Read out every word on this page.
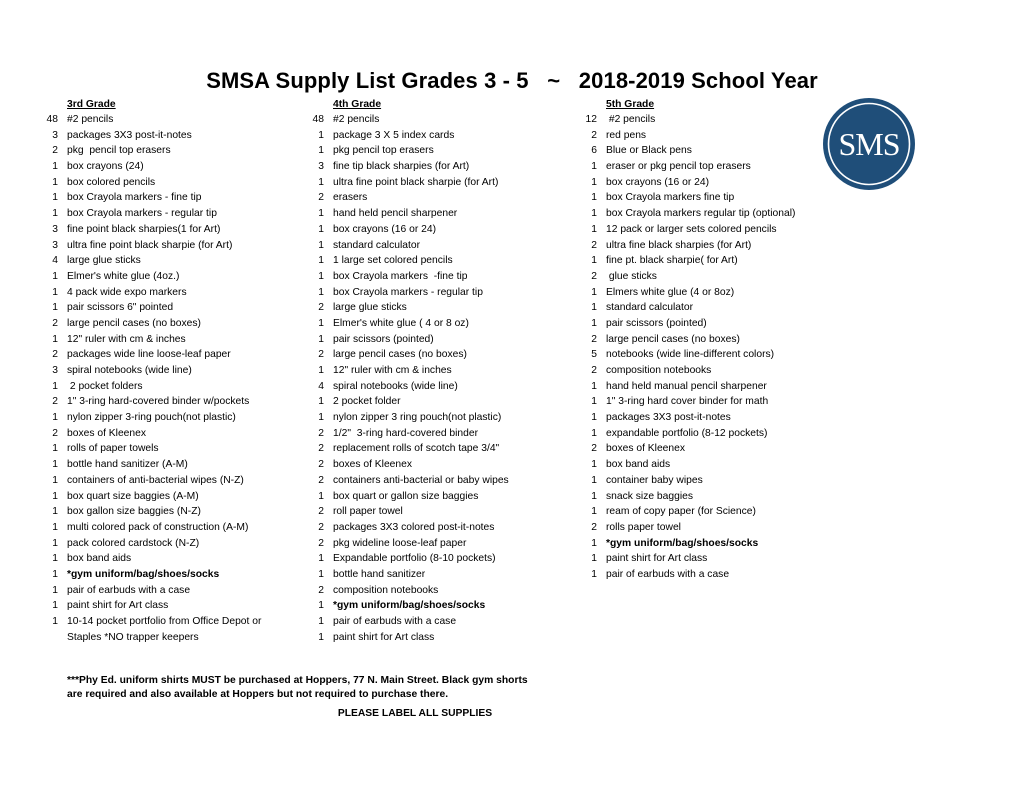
SMSA Supply List Grades 3 - 5   ~   2018-2019 School Year
SMS
3rd Grade
48 #2 pencils
3 packages 3X3 post-it-notes
2 pkg  pencil top erasers
1 box crayons (24)
1 box colored pencils
1 box Crayola markers - fine tip
1 box Crayola markers - regular tip
3 fine point black sharpies(1 for Art)
3 ultra fine point black sharpie (for Art)
4 large glue sticks
1 Elmer's white glue (4oz.)
1 4 pack wide expo markers
1 pair scissors 6" pointed
2 large pencil cases (no boxes)
1 12" ruler with cm & inches
2 packages wide line loose-leaf paper
3 spiral notebooks (wide line)
1 2 pocket folders
2 1" 3-ring hard-covered binder w/pockets
1 nylon zipper 3-ring pouch(not plastic)
2 boxes of Kleenex
1 rolls of paper towels
1 bottle hand sanitizer (A-M)
1 containers of anti-bacterial wipes (N-Z)
1 box quart size baggies (A-M)
1 box gallon size baggies (N-Z)
1 multi colored pack of construction (A-M)
1 pack colored cardstock (N-Z)
1 box band aids
1 *gym uniform/bag/shoes/socks
1 pair of earbuds with a case
1 paint shirt for Art class
1 10-14 pocket portfolio from Office Depot or
Staples *NO trapper keepers
4th Grade
48 #2 pencils
1 package 3 X 5 index cards
1 pkg pencil top erasers
3 fine tip black sharpies (for Art)
1 ultra fine point black sharpie (for Art)
2 erasers
1 hand held pencil sharpener
1 box crayons (16 or 24)
1 standard calculator
1 1 large set colored pencils
1 box Crayola markers  -fine tip
1 box Crayola markers - regular tip
2 large glue sticks
1 Elmer's white glue ( 4 or 8 oz)
1 pair scissors (pointed)
2 large pencil cases (no boxes)
1 12" ruler with cm & inches
4 spiral notebooks (wide line)
1 2 pocket folder
1 nylon zipper 3 ring pouch(not plastic)
2 1/2"  3-ring hard-covered binder
2 replacement rolls of scotch tape 3/4"
2 boxes of Kleenex
2 containers anti-bacterial or baby wipes
1 box quart or gallon size baggies
2 roll paper towel
2 packages 3X3 colored post-it-notes
2 pkg wideline loose-leaf paper
1 Expandable portfolio (8-10 pockets)
1 bottle hand sanitizer
2 composition notebooks
1 *gym uniform/bag/shoes/socks
1 pair of earbuds with a case
1 paint shirt for Art class
5th Grade
12 #2 pencils
2 red pens
6 Blue or Black pens
1 eraser or pkg pencil top erasers
1 box crayons (16 or 24)
1 box Crayola markers fine tip
1 box Crayola markers regular tip (optional)
1 12 pack or larger sets colored pencils
2 ultra fine black sharpies (for Art)
1 fine pt. black sharpie( for Art)
2 glue sticks
1 Elmers white glue (4 or 8oz)
1 standard calculator
1 pair scissors (pointed)
2 large pencil cases (no boxes)
5 notebooks (wide line-different colors)
2 composition notebooks
1 hand held manual pencil sharpener
1 1" 3-ring hard cover binder for math
1 packages 3X3 post-it-notes
1 expandable portfolio (8-12 pockets)
2 boxes of Kleenex
1 box band aids
1 container baby wipes
1 snack size baggies
1 ream of copy paper (for Science)
2 rolls paper towel
1 *gym uniform/bag/shoes/socks
1 paint shirt for Art class
1 pair of earbuds with a case
***Phy Ed. uniform shirts MUST be purchased at Hoppers, 77 N. Main Street. Black gym shorts
are required and also available at Hoppers but not required to purchase there.
PLEASE LABEL ALL SUPPLIES
